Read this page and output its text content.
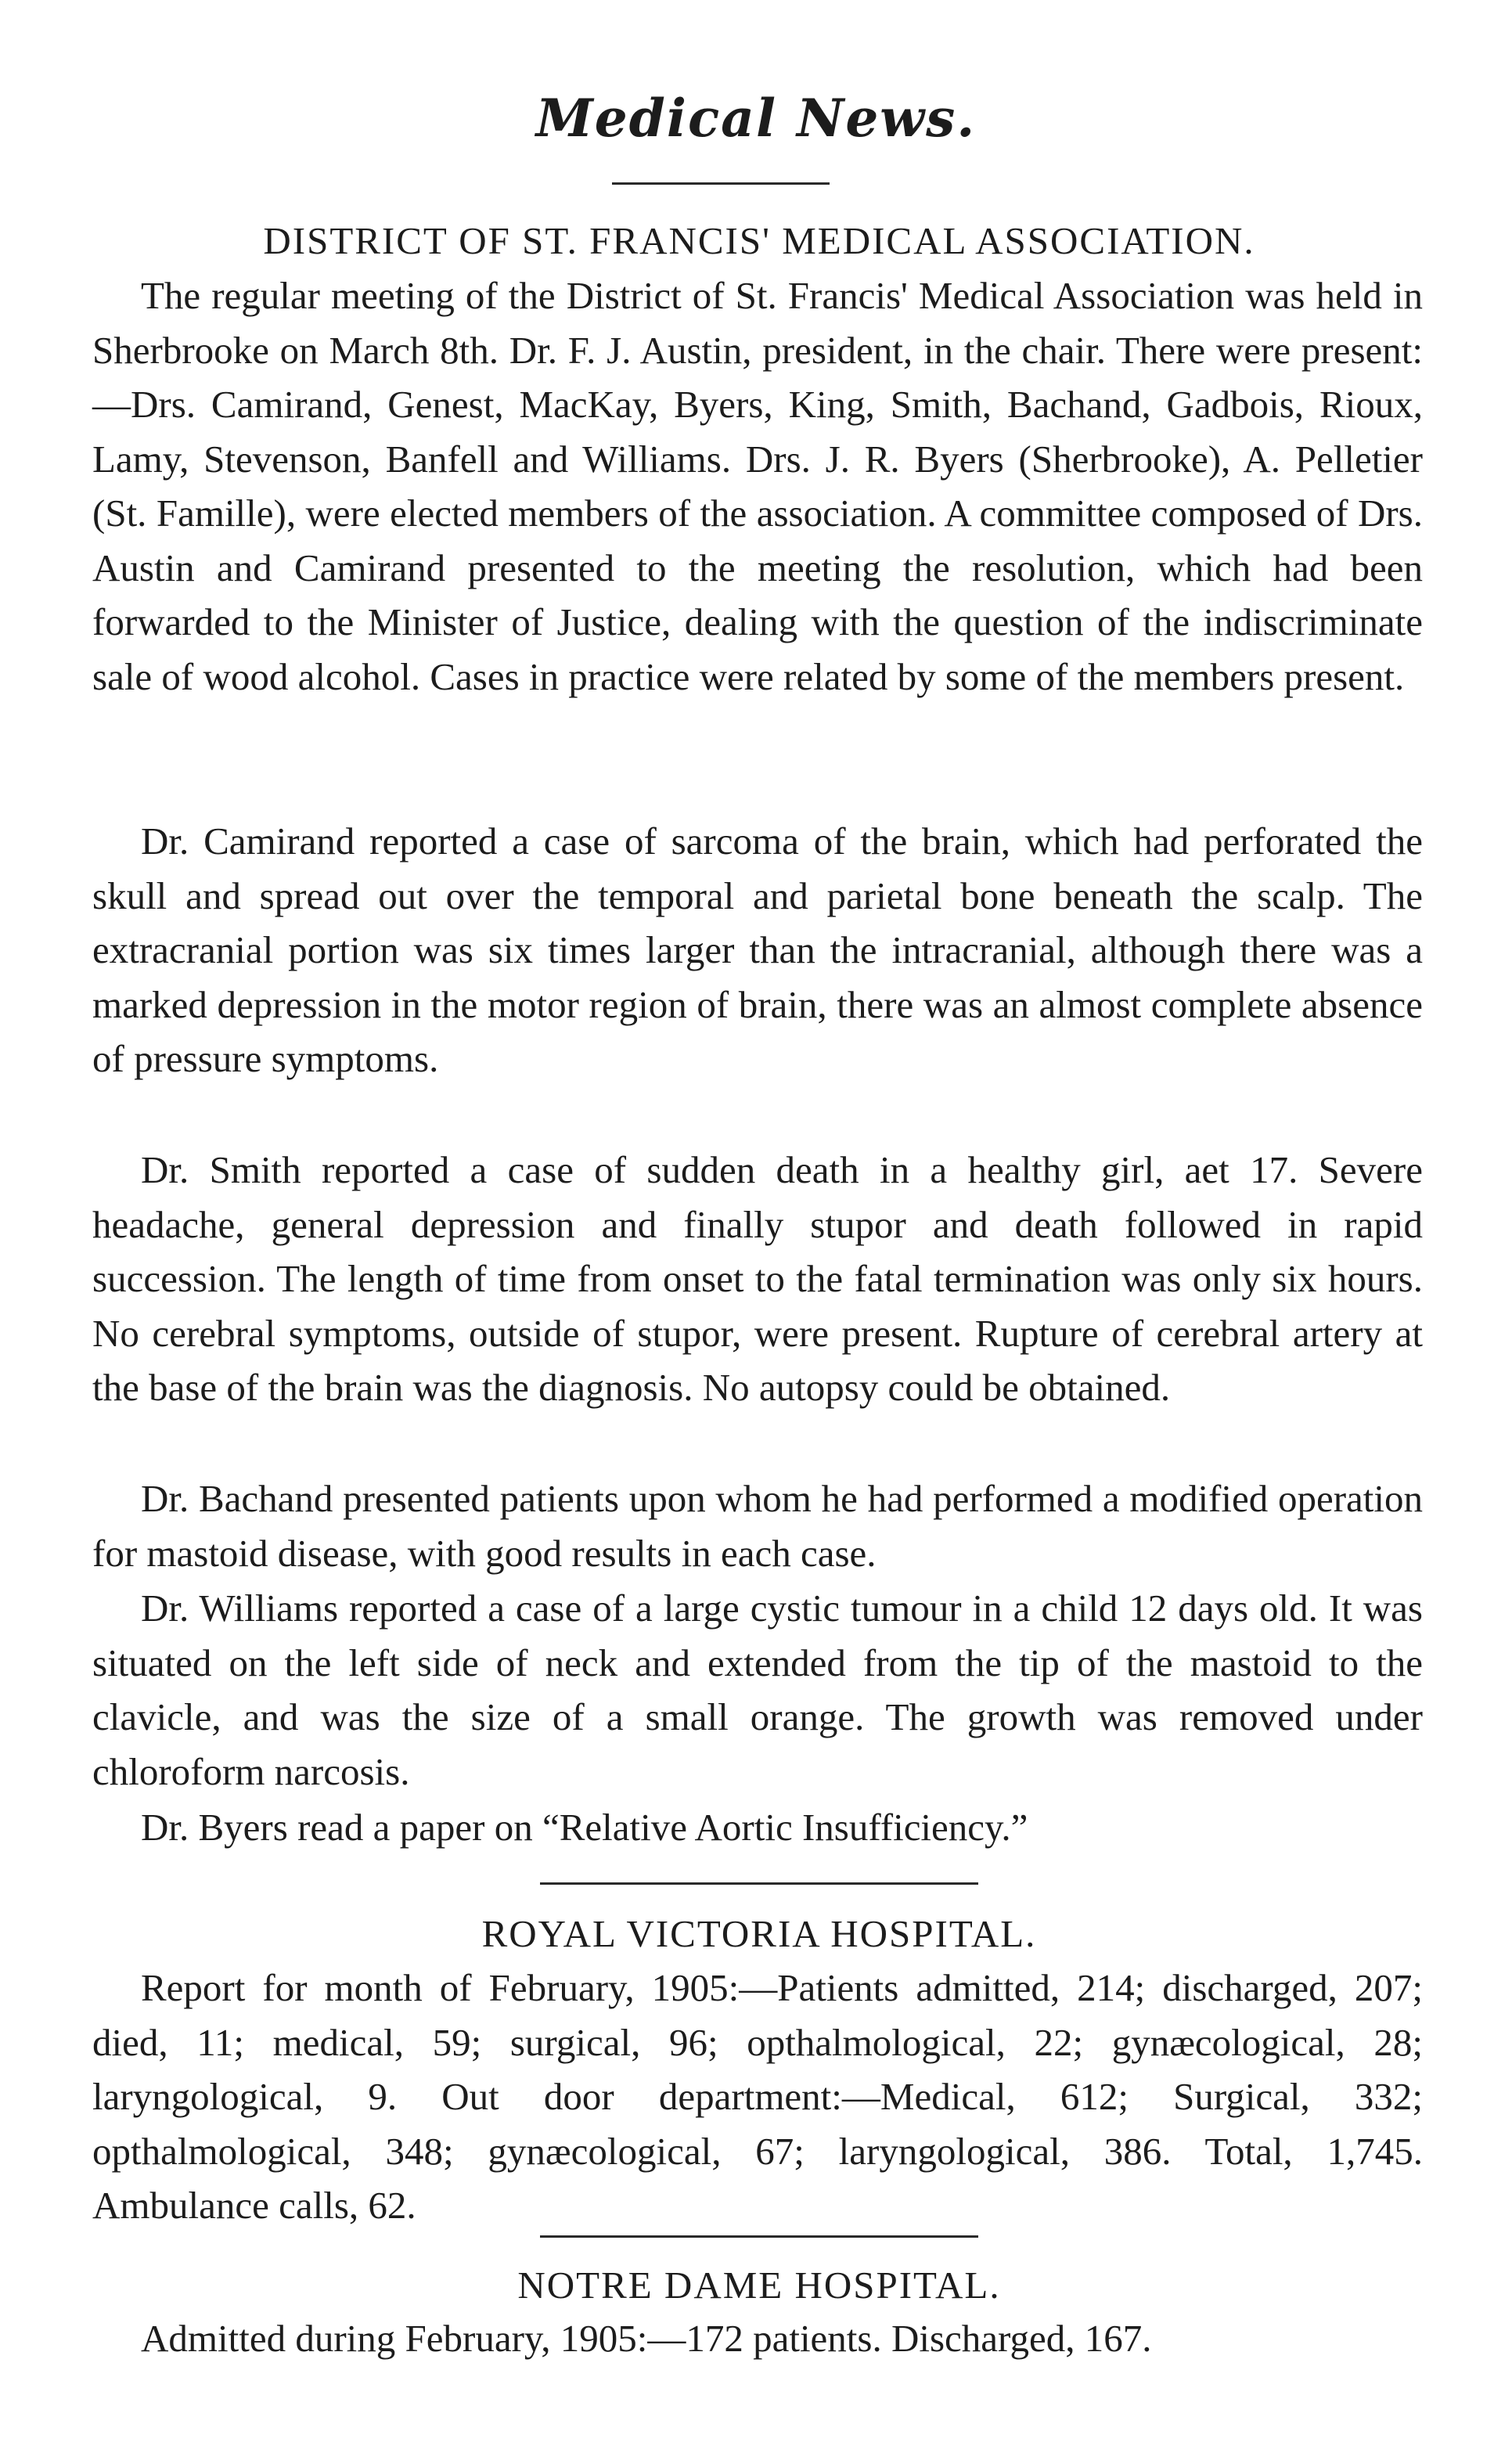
Medical News.
DISTRICT OF ST. FRANCIS' MEDICAL ASSOCIATION.

The regular meeting of the District of St. Francis' Medical Association was held in Sherbrooke on March 8th. Dr. F. J. Austin, president, in the chair. There were present:—Drs. Camirand, Genest, MacKay, Byers, King, Smith, Bachand, Gadbois, Rioux, Lamy, Stevenson, Banfell and Williams. Drs. J. R. Byers (Sherbrooke), A. Pelletier (St. Famille), were elected members of the association. A committee composed of Drs. Austin and Camirand presented to the meeting the resolution, which had been forwarded to the Minister of Justice, dealing with the question of the indiscriminate sale of wood alcohol. Cases in practice were related by some of the members present.

Dr. Camirand reported a case of sarcoma of the brain, which had perforated the skull and spread out over the temporal and parietal bone beneath the scalp. The extracranial portion was six times larger than the intracranial, although there was a marked depression in the motor region of brain, there was an almost complete absence of pressure symptoms.

Dr. Smith reported a case of sudden death in a healthy girl, aet 17. Severe headache, general depression and finally stupor and death followed in rapid succession. The length of time from onset to the fatal termination was only six hours. No cerebral symptoms, outside of stupor, were present. Rupture of cerebral artery at the base of the brain was the diagnosis. No autopsy could be obtained.

Dr. Bachand presented patients upon whom he had performed a modified operation for mastoid disease, with good results in each case.

Dr. Williams reported a case of a large cystic tumour in a child 12 days old. It was situated on the left side of neck and extended from the tip of the mastoid to the clavicle, and was the size of a small orange. The growth was removed under chloroform narcosis.

Dr. Byers read a paper on “Relative Aortic Insufficiency.”

ROYAL VICTORIA HOSPITAL.

Report for month of February, 1905:—Patients admitted, 214; discharged, 207; died, 11; medical, 59; surgical, 96; opthalmological, 22; gynæcological, 28; laryngological, 9. Out door department:—Medical, 612; Surgical, 332; opthalmological, 348; gynæcological, 67; laryngological, 386. Total, 1,745. Ambulance calls, 62.

NOTRE DAME HOSPITAL.

Admitted during February, 1905:—172 patients. Discharged, 167.
